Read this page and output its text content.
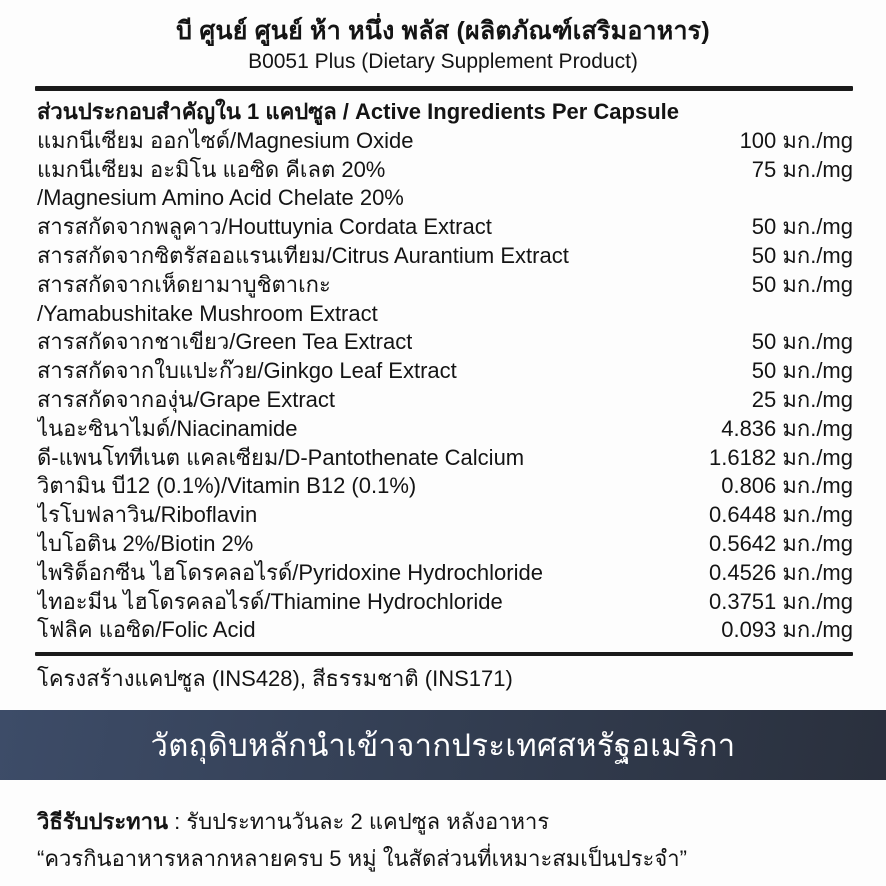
บี ศูนย์ ศูนย์ ห้า หนึ่ง พลัส (ผลิตภัณฑ์เสริมอาหาร)
B0051 Plus (Dietary Supplement Product)
ส่วนประกอบสำคัญใน 1 แคปซูล / Active Ingredients Per Capsule
แมกนีเซียม ออกไซด์/Magnesium Oxide	100 มก./mg
แมกนีเซียม อะมิโน แอซิด คีเลต 20%	75 มก./mg
/Magnesium Amino Acid Chelate 20%
สารสกัดจากพลูคาว/Houttuynia Cordata Extract	50 มก./mg
สารสกัดจากซิตรัสออแรนเทียม/Citrus Aurantium Extract	50 มก./mg
สารสกัดจากเห็ดยามาบูชิตาเกะ	50 มก./mg
/Yamabushitake Mushroom Extract
สารสกัดจากชาเขียว/Green Tea Extract	50 มก./mg
สารสกัดจากใบแปะก๊วย/Ginkgo Leaf Extract	50 มก./mg
สารสกัดจากองุ่น/Grape Extract	25 มก./mg
ไนอะซินาไมด์/Niacinamide	4.836 มก./mg
ดี-แพนโททีเนต แคลเซียม/D-Pantothenate Calcium	1.6182 มก./mg
วิตามิน บี12 (0.1%)/Vitamin B12 (0.1%)	0.806 มก./mg
ไรโบฟลาวิน/Riboflavin	0.6448 มก./mg
ไบโอติน 2%/Biotin 2%	0.5642 มก./mg
ไพริด็อกซีน ไฮโดรคลอไรด์/Pyridoxine Hydrochloride	0.4526 มก./mg
ไทอะมีน ไฮโดรคลอไรด์/Thiamine Hydrochloride	0.3751 มก./mg
โฟลิค แอซิด/Folic Acid	0.093 มก./mg
โครงสร้างแคปซูล (INS428), สีธรรมชาติ (INS171)
วัตถุดิบหลักนำเข้าจากประเทศสหรัฐอเมริกา
วิธีรับประทาน : รับประทานวันละ 2 แคปซูล หลังอาหาร
“ควรกินอาหารหลากหลายครบ 5 หมู่ ในสัดส่วนที่เหมาะสมเป็นประจำ”
